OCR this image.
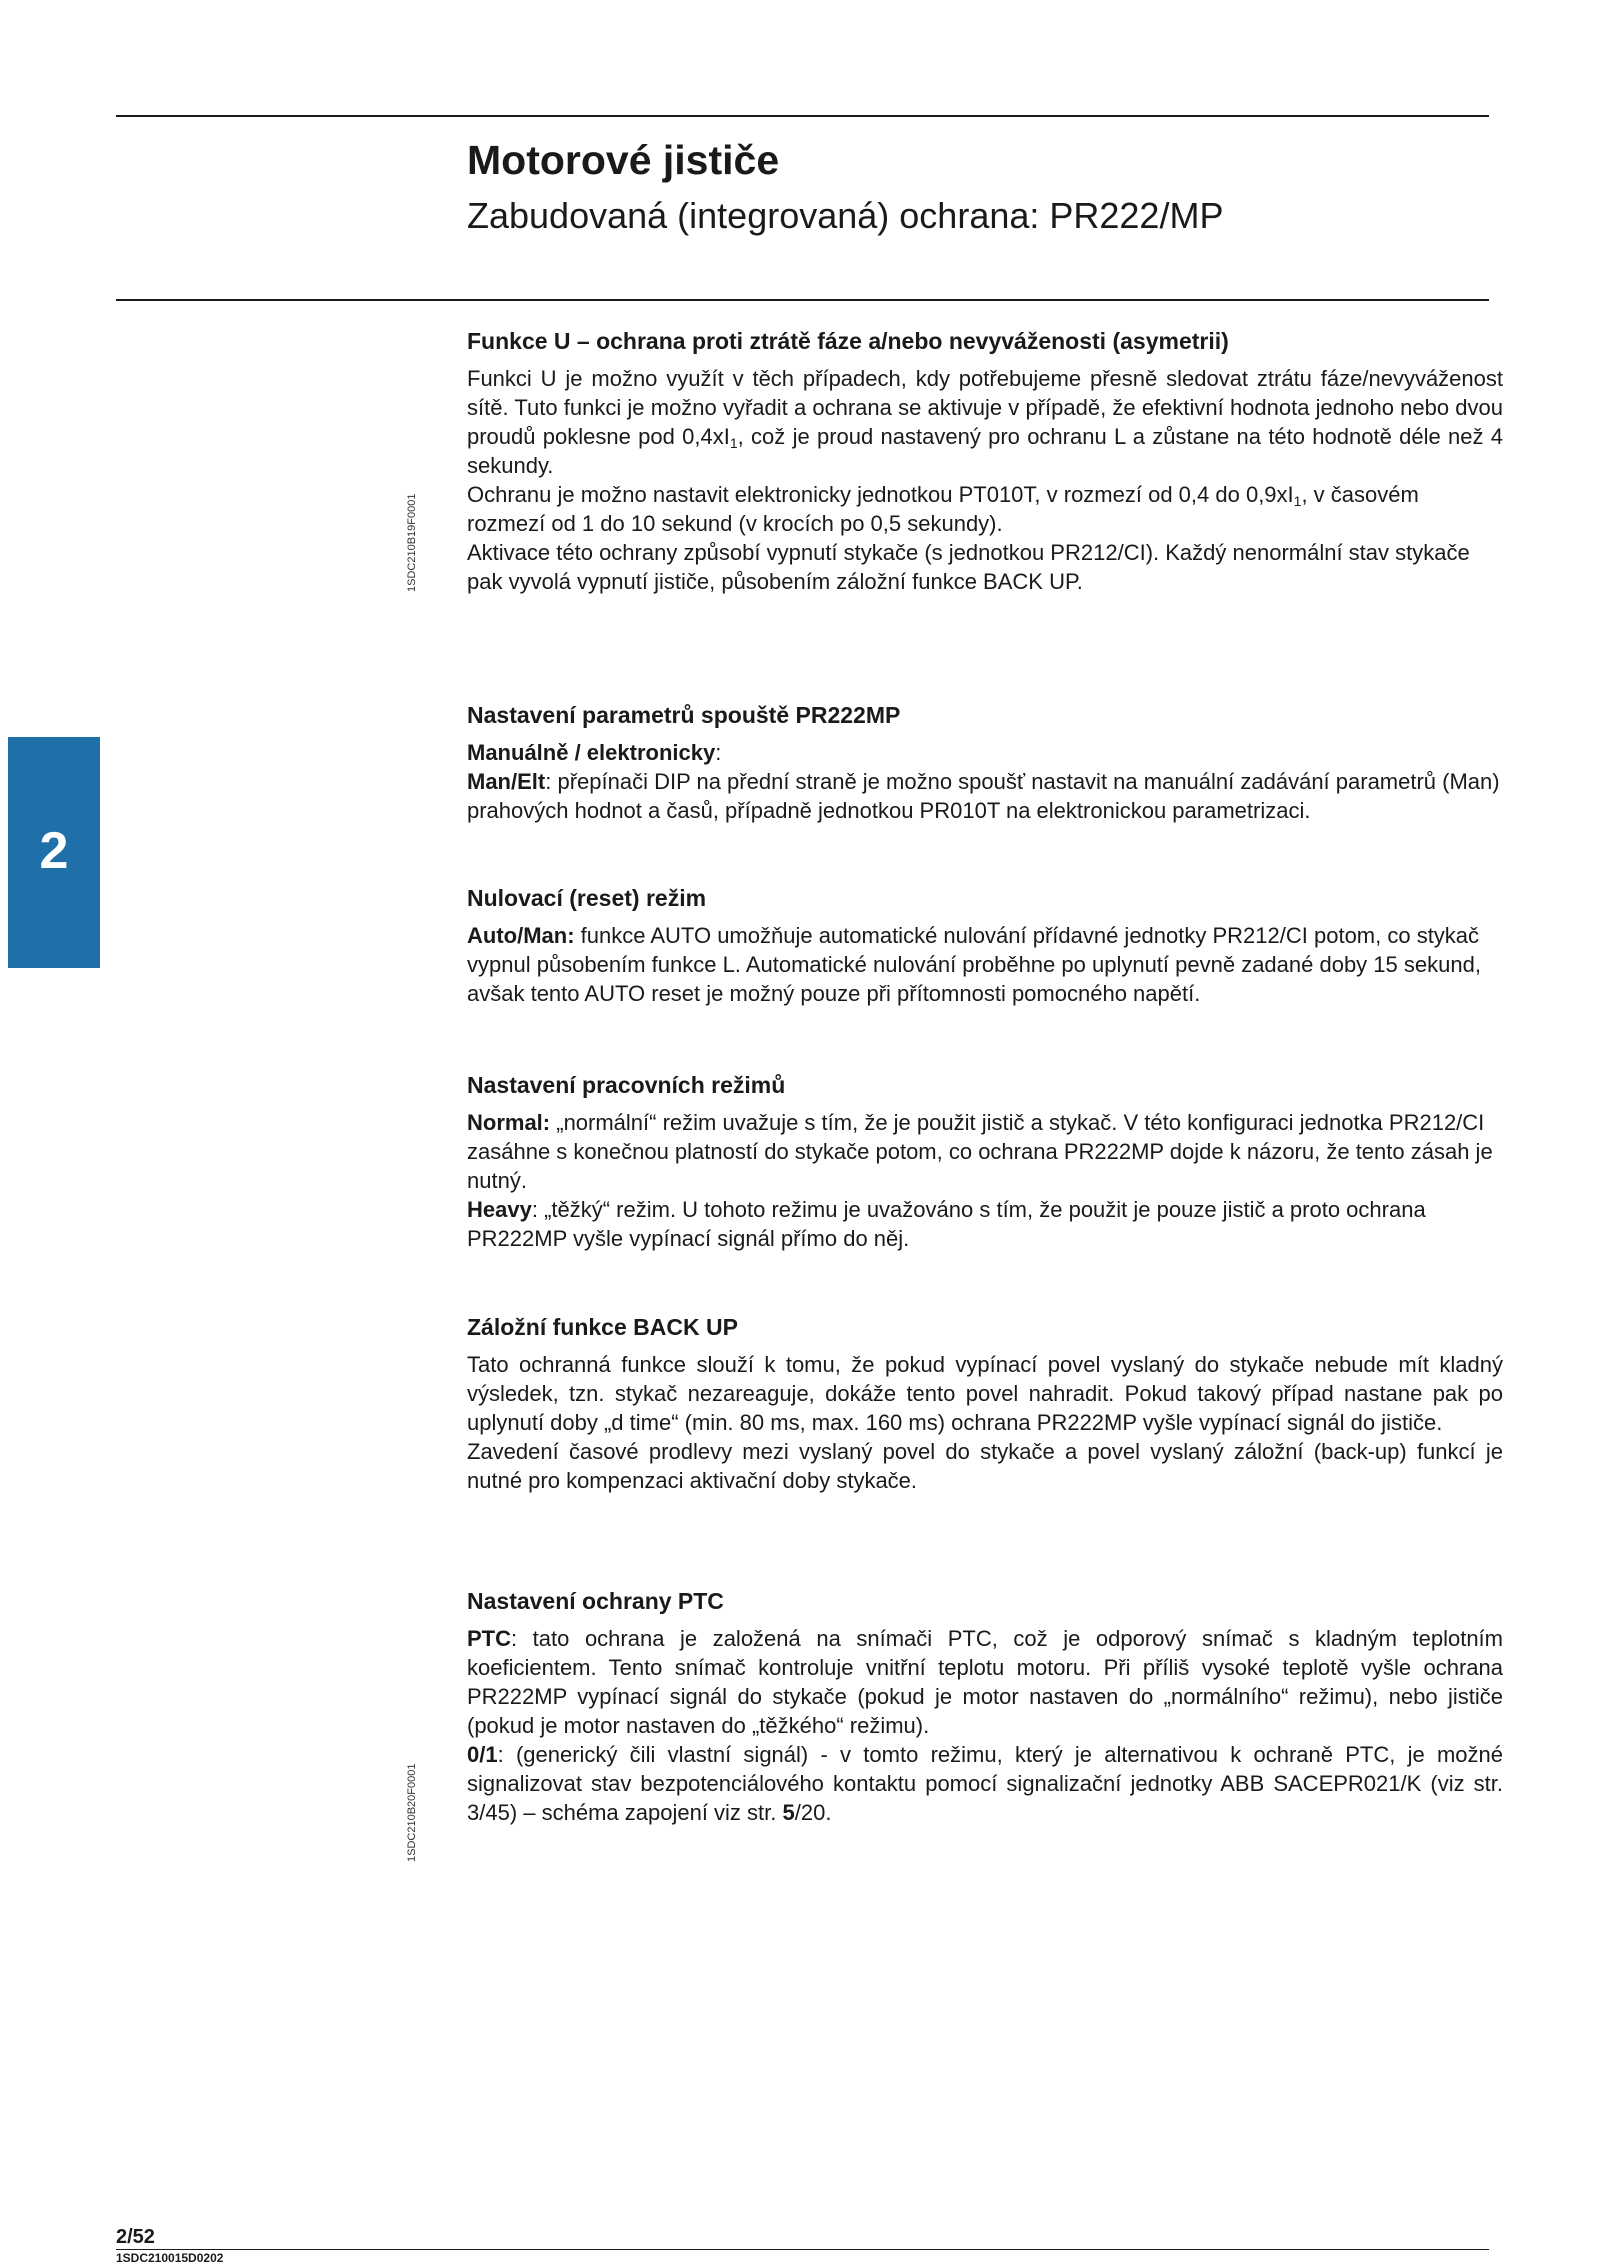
Motorové jističe
Zabudovaná (integrovaná) ochrana: PR222/MP
1SDC210B19F0001
1SDC210B20F0001
2
Funkce U – ochrana proti ztrátě fáze a/nebo nevyváženosti (asymetrii)

Funkci U je možno využít v těch případech, kdy potřebujeme přesně sledovat ztrátu fáze/nevyváženost sítě. Tuto funkci je možno vyřadit a ochrana se aktivuje v případě, že efektivní hodnota jednoho nebo dvou proudů poklesne pod $0,4xI_1$, což je proud nastavený pro ochranu L a zůstane na této hodnotě déle než 4 sekundy.

Ochranu je možno nastavit elektronicky jednotkou PT010T, v rozmezí od 0,4 do $0,9xI_1$, v časovém rozmezí od 1 do 10 sekund (v krocích po 0,5 sekundy).

Aktivace této ochrany způsobí vypnutí stykače (s jednotkou PR212/CI). Každý nenormální stav stykače pak vyvolá vypnutí jističe, působením záložní funkce BACK UP.

Nastavení parametrů spouště PR222MP

Manuálně / elektronicky:

Man/Elt: přepínači DIP na přední straně je možno spoušť nastavit na manuální zadávání parametrů (Man) prahových hodnot a časů, případně jednotkou PR010T na elektronickou parametrizaci.

Nulovací (reset) režim

Auto/Man: funkce AUTO umožňuje automatické nulování přídavné jednotky PR212/CI potom, co stykač vypnul působením funkce L. Automatické nulování proběhne po uplynutí pevně zadané doby 15 sekund, avšak tento AUTO reset je možný pouze při přítomnosti pomocného napětí.

Nastavení pracovních režimů

Normal: „normální“ režim uvažuje s tím, že je použit jistič a stykač. V této konfiguraci jednotka PR212/CI zasáhne s konečnou platností do stykače potom, co ochrana PR222MP dojde k názoru, že tento zásah je nutný.

Heavy: „těžký“ režim. U tohoto režimu je uvažováno s tím, že použit je pouze jistič a proto ochrana PR222MP vyšle vypínací signál přímo do něj.

Záložní funkce BACK UP

Tato ochranná funkce slouží k tomu, že pokud vypínací povel vyslaný do stykače nebude mít kladný výsledek, tzn. stykač nezareaguje, dokáže tento povel nahradit. Pokud takový případ nastane pak po uplynutí doby „d time“ (min. 80 ms, max. 160 ms) ochrana PR222MP vyšle vypínací signál do jističe.

Zavedení časové prodlevy mezi vyslaný povel do stykače a povel vyslaný záložní (back-up) funkcí je nutné pro kompenzaci aktivační doby stykače.

Nastavení ochrany PTC

PTC: tato ochrana je založená na snímači PTC, což je odporový snímač s kladným teplotním koeficientem. Tento snímač kontroluje vnitřní teplotu motoru. Při příliš vysoké teplotě vyšle ochrana PR222MP vypínací signál do stykače (pokud je motor nastaven do „normálního“ režimu), nebo jističe (pokud je motor nastaven do „těžkého“ režimu).

0/1: (generický čili vlastní signál) - v tomto režimu, který je alternativou k ochraně PTC, je možné signalizovat stav bezpotenciálového kontaktu pomocí signalizační jednotky ABB SACEPR021/K (viz str. 3/45) – schéma zapojení viz str. 5/20.

2/52
1SDC210015D0202
